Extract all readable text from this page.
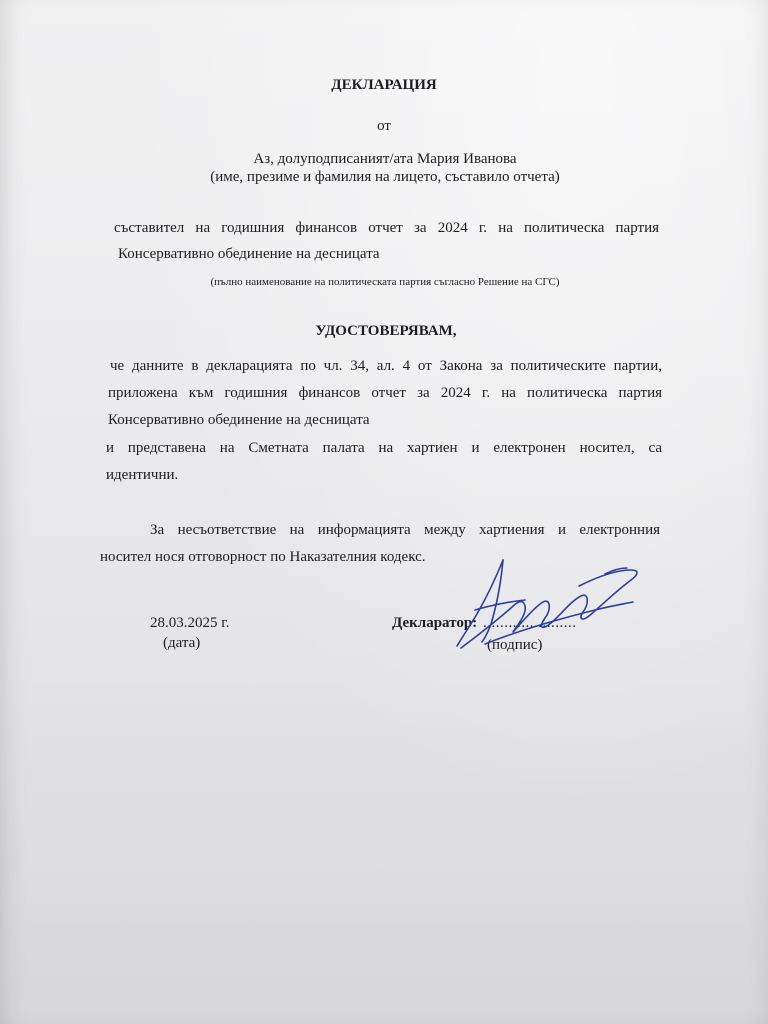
ДЕКЛАРАЦИЯ
от
Аз, долуподписаният/ата Мария Иванова
(име, презиме и фамилия на лицето, съставило отчета)
съставител на годишния финансов отчет за 2024 г. на политическа партия
Консервативно обединение на десницата
(пълно наименование на политическата партия съгласно Решение на СГС)
УДОСТОВЕРЯВАМ,
че данните в декларацията по чл. 34, ал. 4 от Закона за политическите партии,
приложена към годишния финансов отчет за 2024 г. на политическа партия
Консервативно обединение на десницата
и представена на Сметната палата на хартиен и електронен носител, са
идентични.
За несъответствие на информацията между хартиения и електронния
носител нося отговорност по Наказателния кодекс.
28.03.2025 г.
(дата)
Декларатор: ......................
(подпис)
